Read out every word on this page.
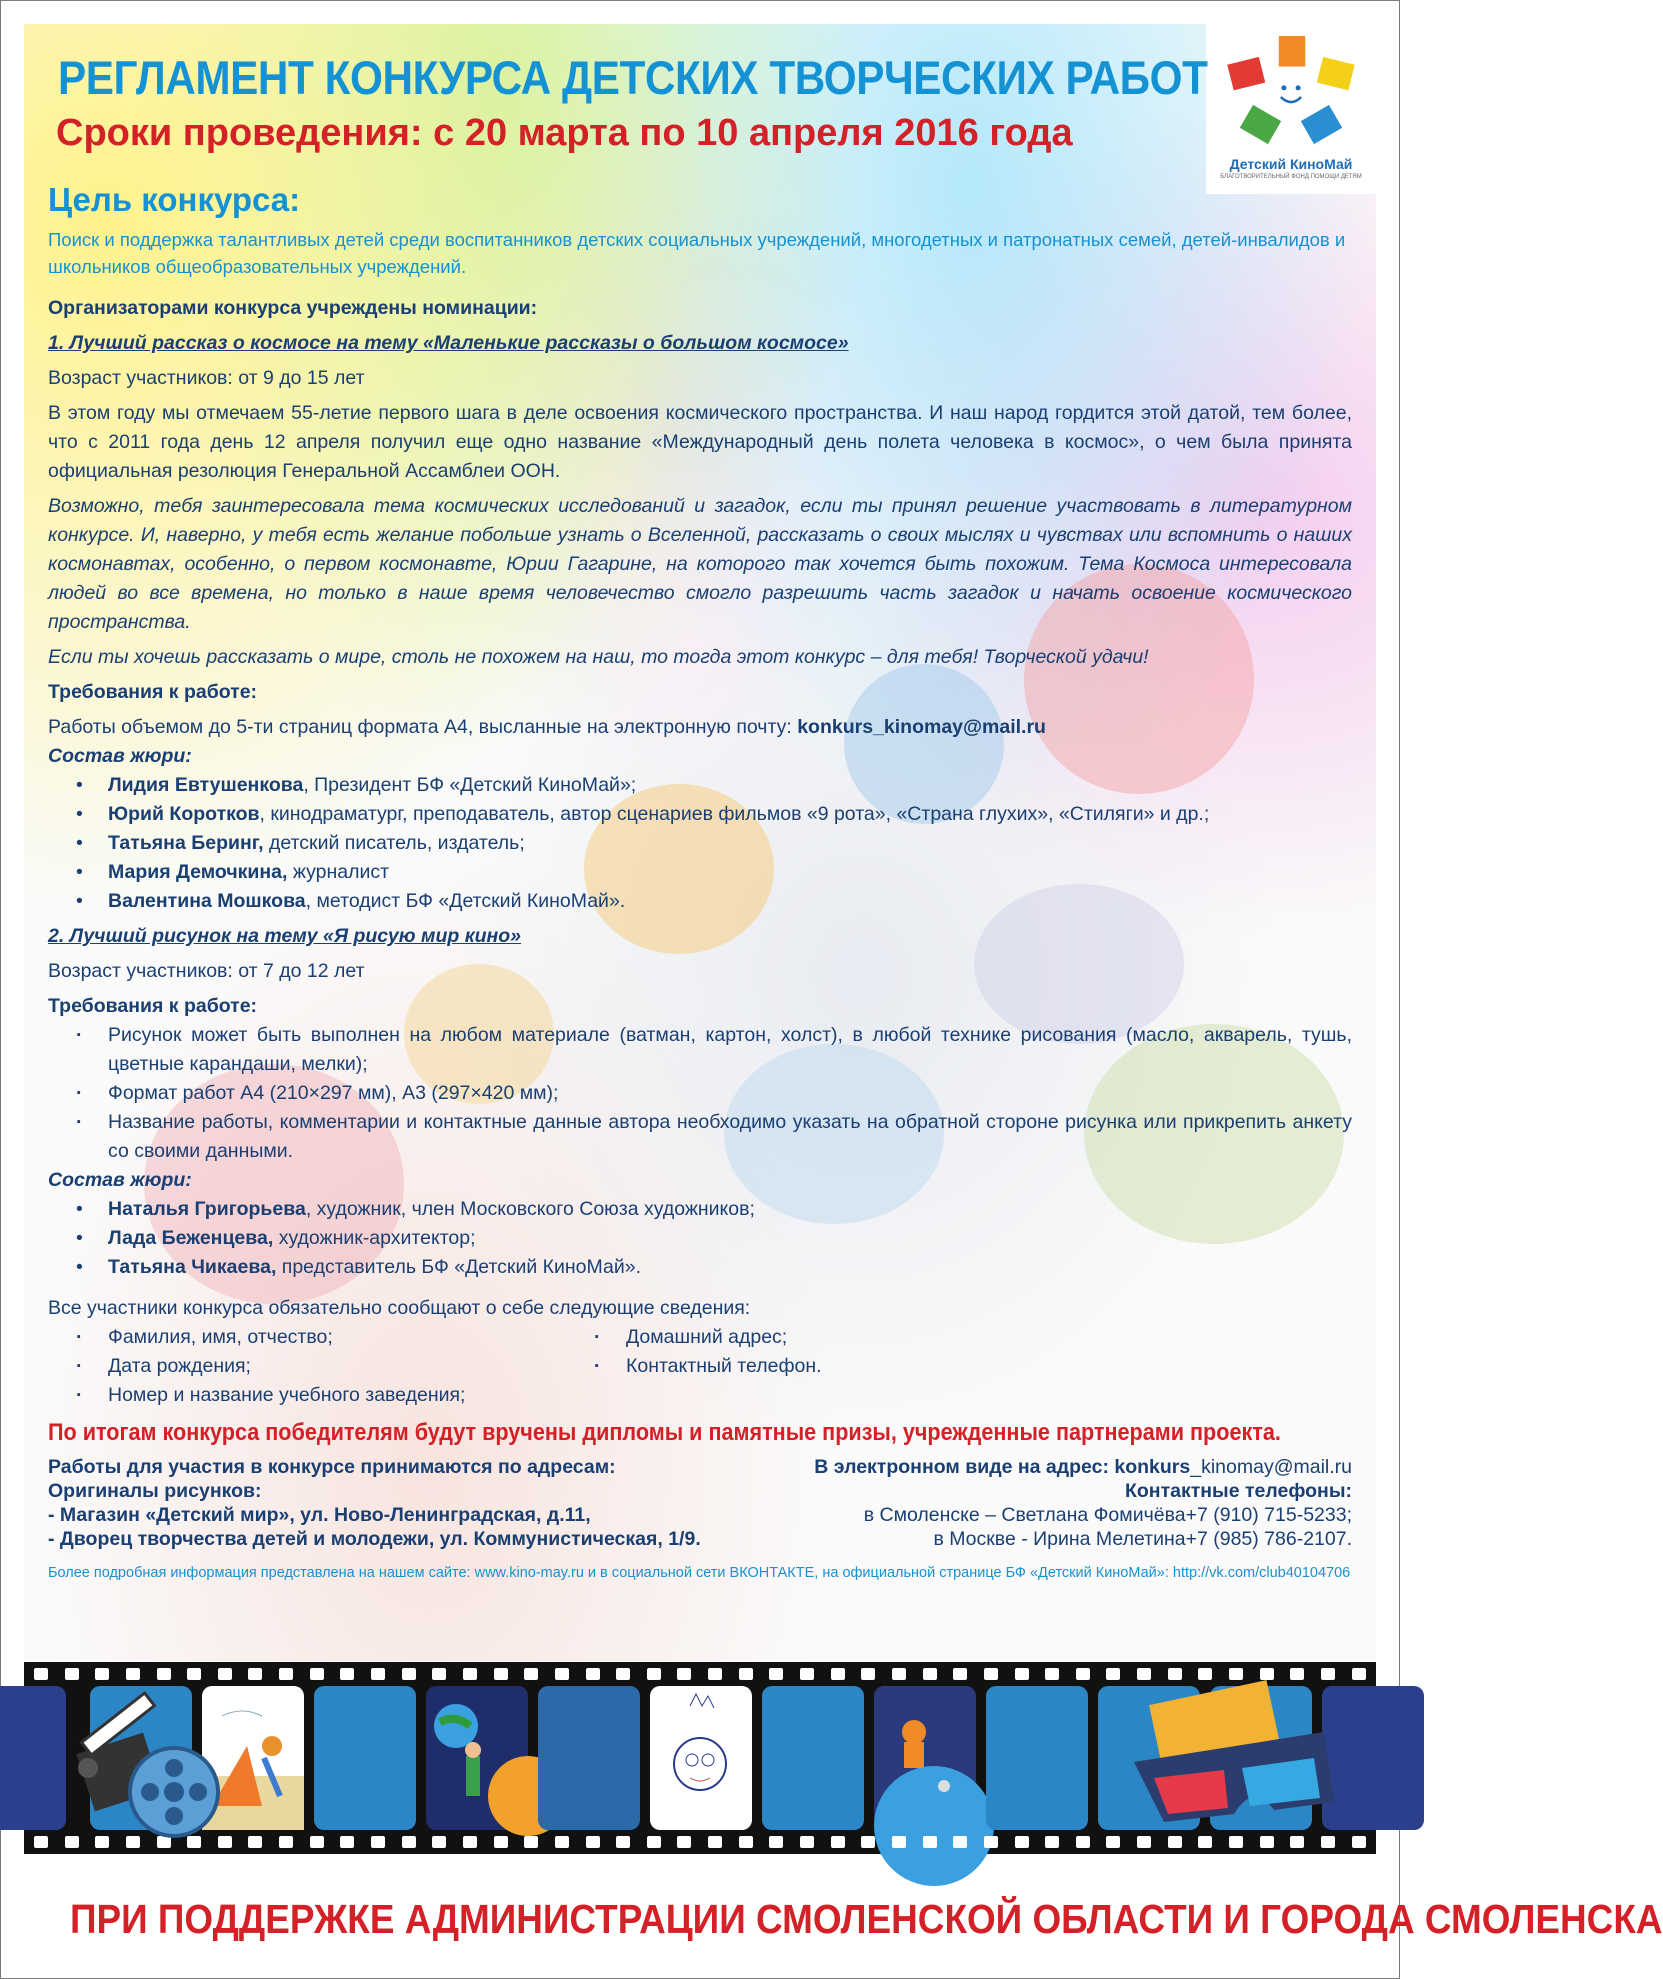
Детский КиноМай
БЛАГОТВОРИТЕЛЬНЫЙ ФОНД ПОМОЩИ ДЕТЯМ
РЕГЛАМЕНТ КОНКУРСА ДЕТСКИХ ТВОРЧЕСКИХ РАБОТ
Сроки проведения: с 20 марта по 10 апреля 2016 года
Цель конкурса:
Поиск и поддержка талантливых детей среди воспитанников детских социальных учреждений, многодетных и патронатных семей, детей-инвалидов и школьников общеобразовательных учреждений.

Организаторами конкурса учреждены номинации:

1. Лучший рассказ о космосе на тему «Маленькие рассказы о большом космосе»

Возраст участников: от 9 до 15 лет

В этом году мы отмечаем 55-летие первого шага в деле освоения космического пространства. И наш народ гордится этой датой, тем более, что с 2011 года день 12 апреля получил еще одно название «Международный день полета человека в космос», о чем была принята официальная резолюция Генеральной Ассамблеи ООН.

Возможно, тебя заинтересовала тема космических исследований и загадок, если ты принял решение участвовать в литературном конкурсе. И, наверно, у тебя есть желание побольше узнать о Вселенной, рассказать о своих мыслях и чувствах или вспомнить о наших космонавтах, особенно, о первом космонавте, Юрии Гагарине, на которого так хочется быть похожим. Тема Космоса интересовала людей во все времена, но только в наше время человечество смогло разрешить часть загадок и начать освоение космического пространства.

Если ты хочешь рассказать о мире, столь не похожем на наш, то тогда этот конкурс – для тебя! Творческой удачи!

Требования к работе:

Работы объемом до 5-ти страниц формата А4, высланные на электронную почту: konkurs_kinomay@mail.ru

Состав жюри:

• Лидия Евтушенкова, Президент БФ «Детский КиноМай»;
• Юрий Коротков, кинодраматург, преподаватель, автор сценариев фильмов «9 рота», «Страна глухих», «Стиляги» и др.;
• Татьяна Беринг, детский писатель, издатель;
• Мария Демочкина, журналист
• Валентина Мошкова, методист БФ «Детский КиноМай».

2. Лучший рисунок на тему «Я рисую мир кино»

Возраст участников: от 7 до 12 лет

Требования к работе:

· Рисунок может быть выполнен на любом материале (ватман, картон, холст), в любой технике рисования (масло, акварель, тушь, цветные карандаши, мелки);
· Формат работ А4 (210×297 мм), А3 (297×420 мм);
· Название работы, комментарии и контактные данные автора необходимо указать на обратной стороне рисунка или прикрепить анкету со своими данными.

Состав жюри:

• Наталья Григорьева, художник, член Московского Союза художников;
• Лада Беженцева, художник-архитектор;
• Татьяна Чикаева, представитель БФ «Детский КиноМай».

Все участники конкурса обязательно сообщают о себе следующие сведения:

· Фамилия, имя, отчество;
· Дата рождения;
· Номер и название учебного заведения;
· Домашний адрес;
· Контактный телефон.
По итогам конкурса победителям будут вручены дипломы и памятные призы, учрежденные партнерами проекта.
Работы для участия в конкурсе принимаются по адресам:
Оригиналы рисунков:
- Магазин «Детский мир», ул. Ново-Ленинградская, д.11,
- Дворец творчества детей и молодежи, ул. Коммунистическая, 1/9.
В электронном виде на адрес: konkurs_kinomay@mail.ru
Контактные телефоны:
в Смоленске – Светлана Фомичёва+7 (910) 715-5233;
в Москве - Ирина Мелетина+7 (985) 786-2107.
Более подробная информация представлена на нашем сайте: www.kino-may.ru и в социальной сети ВКОНТАКТЕ, на официальной странице БФ «Детский КиноМай»: http://vk.com/club40104706
ПРИ ПОДДЕРЖКЕ АДМИНИСТРАЦИИ СМОЛЕНСКОЙ ОБЛАСТИ И ГОРОДА СМОЛЕНСКА
